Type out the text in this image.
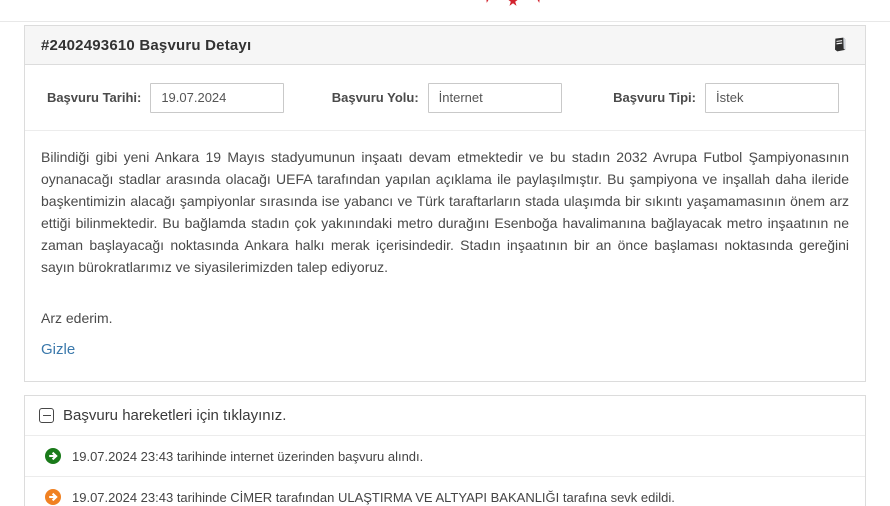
#2402493610 Başvuru Detayı
Başvuru Tarihi:
19.07.2024	Başvuru Yolu:
İnternet	Başvuru Tipi:
İstek

Bilindiği gibi yeni Ankara 19 Mayıs stadyumunun inşaatı devam etmektedir ve bu stadın 2032 Avrupa Futbol Şampiyonasının oynanacağı stadlar arasında olacağı UEFA tarafından yapılan açıklama ile paylaşılmıştır. Bu şampiyona ve inşallah daha ileride başkentimizin alacağı şampiyonlar sırasında ise yabancı ve Türk taraftarların stada ulaşımda bir sıkıntı yaşamamasının önem arz ettiği bilinmektedir. Bu bağlamda stadın çok yakınındaki metro durağını Esenboğa havalimanına bağlayacak metro inşaatının ne zaman başlayacağı noktasında Ankara halkı merak içerisindedir. Stadın inşaatının bir an önce başlaması noktasında gereğini sayın bürokratlarımız ve siyasilerimizden talep ediyoruz.

Arz ederim.

Gizle
Başvuru hareketleri için tıklayınız.
19.07.2024 23:43 tarihinde internet üzerinden başvuru alındı.
19.07.2024 23:43 tarihinde CİMER tarafından ULAŞTIRMA VE ALTYAPI BAKANLIĞI tarafına sevk edildi.
